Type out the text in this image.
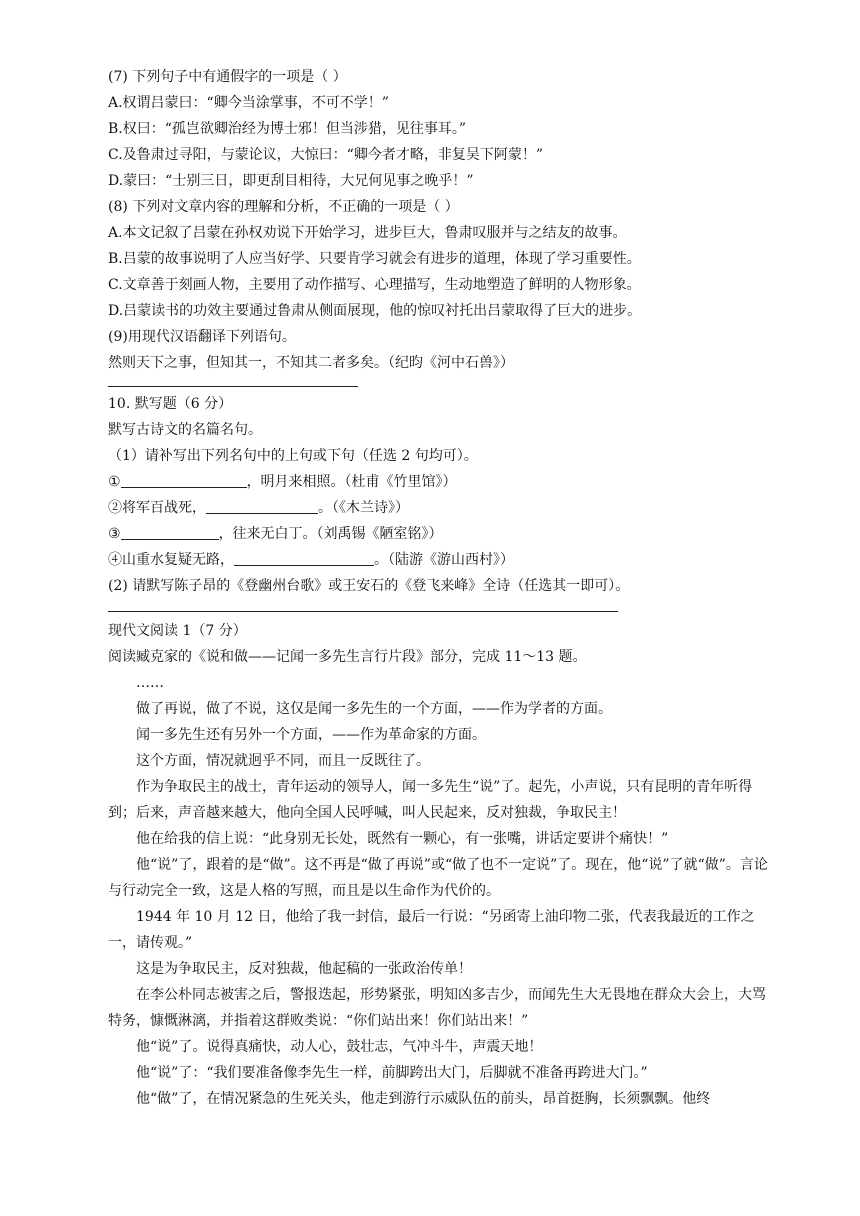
(7) 下列句子中有通假字的一项是（ ）
A.权谓吕蒙曰：“卿今当涂掌事，不可不学！”
B.权曰：“孤岂欲卿治经为博士邪！但当涉猎，见往事耳。”
C.及鲁肃过寻阳，与蒙论议，大惊曰：“卿今者才略，非复吴下阿蒙！”
D.蒙曰：“士别三日，即更刮目相待，大兄何见事之晚乎！”
(8) 下列对文章内容的理解和分析，不正确的一项是（ ）
A.本文记叙了吕蒙在孙权劝说下开始学习，进步巨大，鲁肃叹服并与之结友的故事。
B.吕蒙的故事说明了人应当好学、只要肯学习就会有进步的道理，体现了学习重要性。
C.文章善于刻画人物，主要用了动作描写、心理描写，生动地塑造了鲜明的人物形象。
D.吕蒙读书的功效主要通过鲁肃从侧面展现，他的惊叹衬托出吕蒙取得了巨大的进步。
(9)用现代汉语翻译下列语句。
然则天下之事，但知其一，不知其二者多矣。（纪昀《河中石兽》）
10. 默写题（6 分）
默写古诗文的名篇名句。
（1）请补写出下列名句中的上句或下句（任选 2 句均可）。
①	，明月来相照。（杜甫《竹里馆》）
②将军百战死，	。（《木兰诗》）
③	，往来无白丁。（刘禹锡《陋室铭》）
④山重水复疑无路，	。（陆游《游山西村》）
(2) 请默写陈子昂的《登幽州台歌》或王安石的《登飞来峰》全诗（任选其一即可）。
现代文阅读 1（7 分）
阅读臧克家的《说和做——记闻一多先生言行片段》部分，完成 11～13 题。
……
做了再说，做了不说，这仅是闻一多先生的一个方面，——作为学者的方面。
闻一多先生还有另外一个方面，——作为革命家的方面。
这个方面，情况就迥乎不同，而且一反既往了。
作为争取民主的战士，青年运动的领导人，闻一多先生“说”了。起先，小声说，只有昆明的青年听得到；后来，声音越来越大，他向全国人民呼喊，叫人民起来，反对独裁，争取民主！
他在给我的信上说：“此身别无长处，既然有一颗心，有一张嘴，讲话定要讲个痛快！”
他“说”了，跟着的是“做”。这不再是“做了再说”或“做了也不一定说”了。现在，他“说”了就“做”。言论与行动完全一致，这是人格的写照，而且是以生命作为代价的。
1944 年 10 月 12 日，他给了我一封信，最后一行说：“另函寄上油印物二张，代表我最近的工作之一，请传观。”
这是为争取民主，反对独裁，他起稿的一张政治传单！
在李公朴同志被害之后，警报迭起，形势紧张，明知凶多吉少，而闻先生大无畏地在群众大会上，大骂特务，慷慨淋漓，并指着这群败类说：“你们站出来！你们站出来！”
他“说”了。说得真痛快，动人心，鼓壮志，气冲斗牛，声震天地！
他“说”了：“我们要准备像李先生一样，前脚跨出大门，后脚就不准备再跨进大门。”
他“做”了，在情况紧急的生死关头，他走到游行示威队伍的前头，昂首挺胸，长须飘飘。他终
